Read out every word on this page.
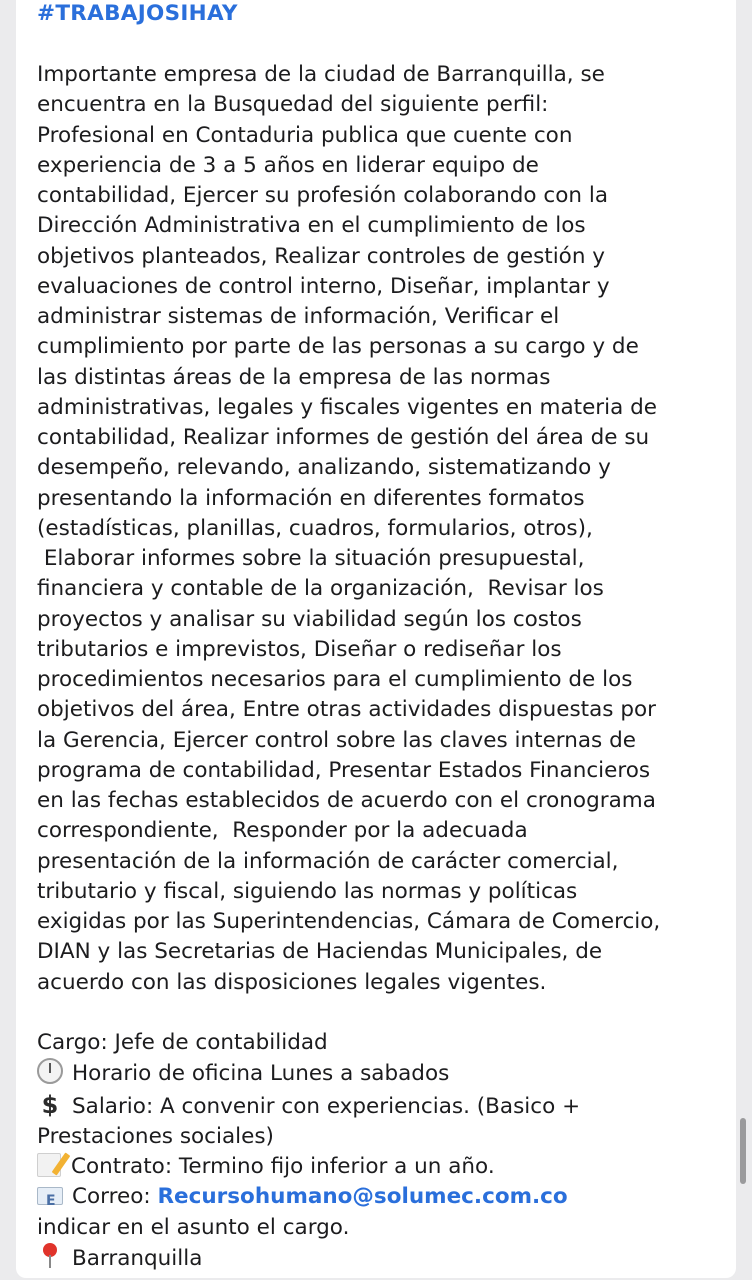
#TRABAJOSIHAY
Importante empresa de la ciudad de Barranquilla, se
encuentra en la Busquedad del siguiente perfil:
Profesional en Contaduria publica que cuente con
experiencia de 3 a 5 años en liderar equipo de
contabilidad, Ejercer su profesión colaborando con la
Dirección Administrativa en el cumplimiento de los
objetivos planteados, Realizar controles de gestión y
evaluaciones de control interno, Diseñar, implantar y
administrar sistemas de información, Verificar el
cumplimiento por parte de las personas a su cargo y de
las distintas áreas de la empresa de las normas
administrativas, legales y fiscales vigentes en materia de
contabilidad, Realizar informes de gestión del área de su
desempeño, relevando, analizando, sistematizando y
presentando la información en diferentes formatos
(estadísticas, planillas, cuadros, formularios, otros),
Elaborar informes sobre la situación presupuestal,
financiera y contable de la organización,  Revisar los
proyectos y analisar su viabilidad según los costos
tributarios e imprevistos, Diseñar o rediseñar los
procedimientos necesarios para el cumplimiento de los
objetivos del área, Entre otras actividades dispuestas por
la Gerencia, Ejercer control sobre las claves internas de
programa de contabilidad, Presentar Estados Financieros
en las fechas establecidos de acuerdo con el cronograma
correspondiente,  Responder por la adecuada
presentación de la información de carácter comercial,
tributario y fiscal, siguiendo las normas y políticas
exigidas por las Superintendencias, Cámara de Comercio,
DIAN y las Secretarias de Haciendas Municipales, de
acuerdo con las disposiciones legales vigentes.
Cargo: Jefe de contabilidad
Horario de oficina Lunes a sabados
$ Salario: A convenir con experiencias. (Basico +
Prestaciones sociales)
Contrato: Termino fijo inferior a un año.
E Correo: Recursohumano@solumec.com.co
indicar en el asunto el cargo.
Barranquilla
